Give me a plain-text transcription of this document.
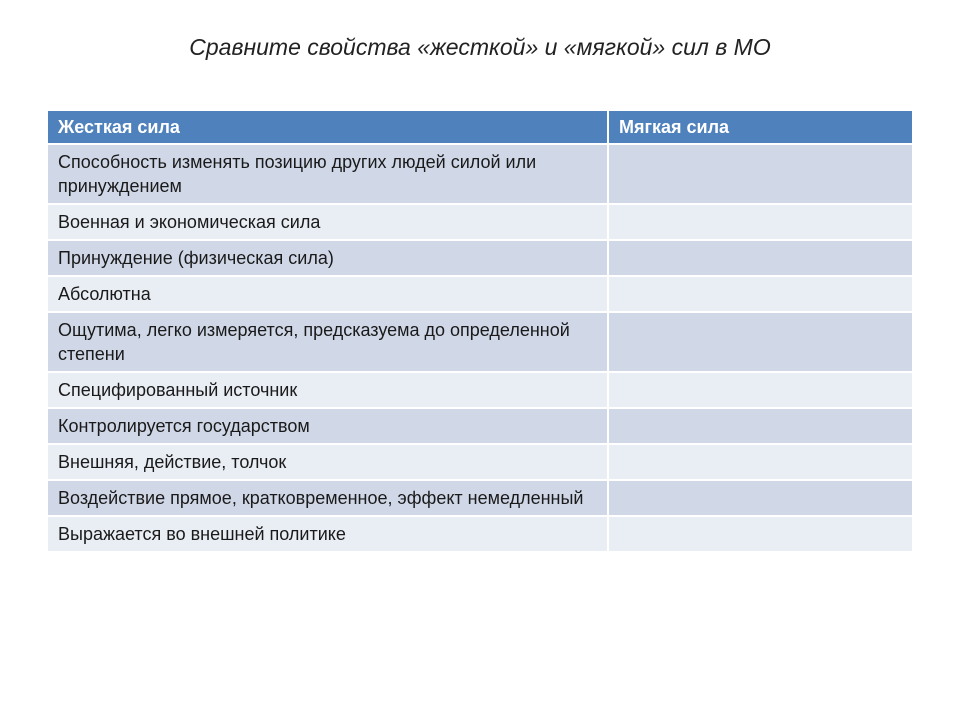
Сравните свойства «жесткой» и «мягкой» сил в МО
Жесткая сила	Мягкая сила
Способность изменять позицию других людей силой или принуждением	
Военная и экономическая сила	
Принуждение (физическая сила)	
Абсолютна	
Ощутима, легко измеряется, предсказуема до определенной степени	
Специфированный источник	
Контролируется государством	
Внешняя, действие, толчок	
Воздействие прямое, кратковременное, эффект немедленный	
Выражается во внешней политике	
